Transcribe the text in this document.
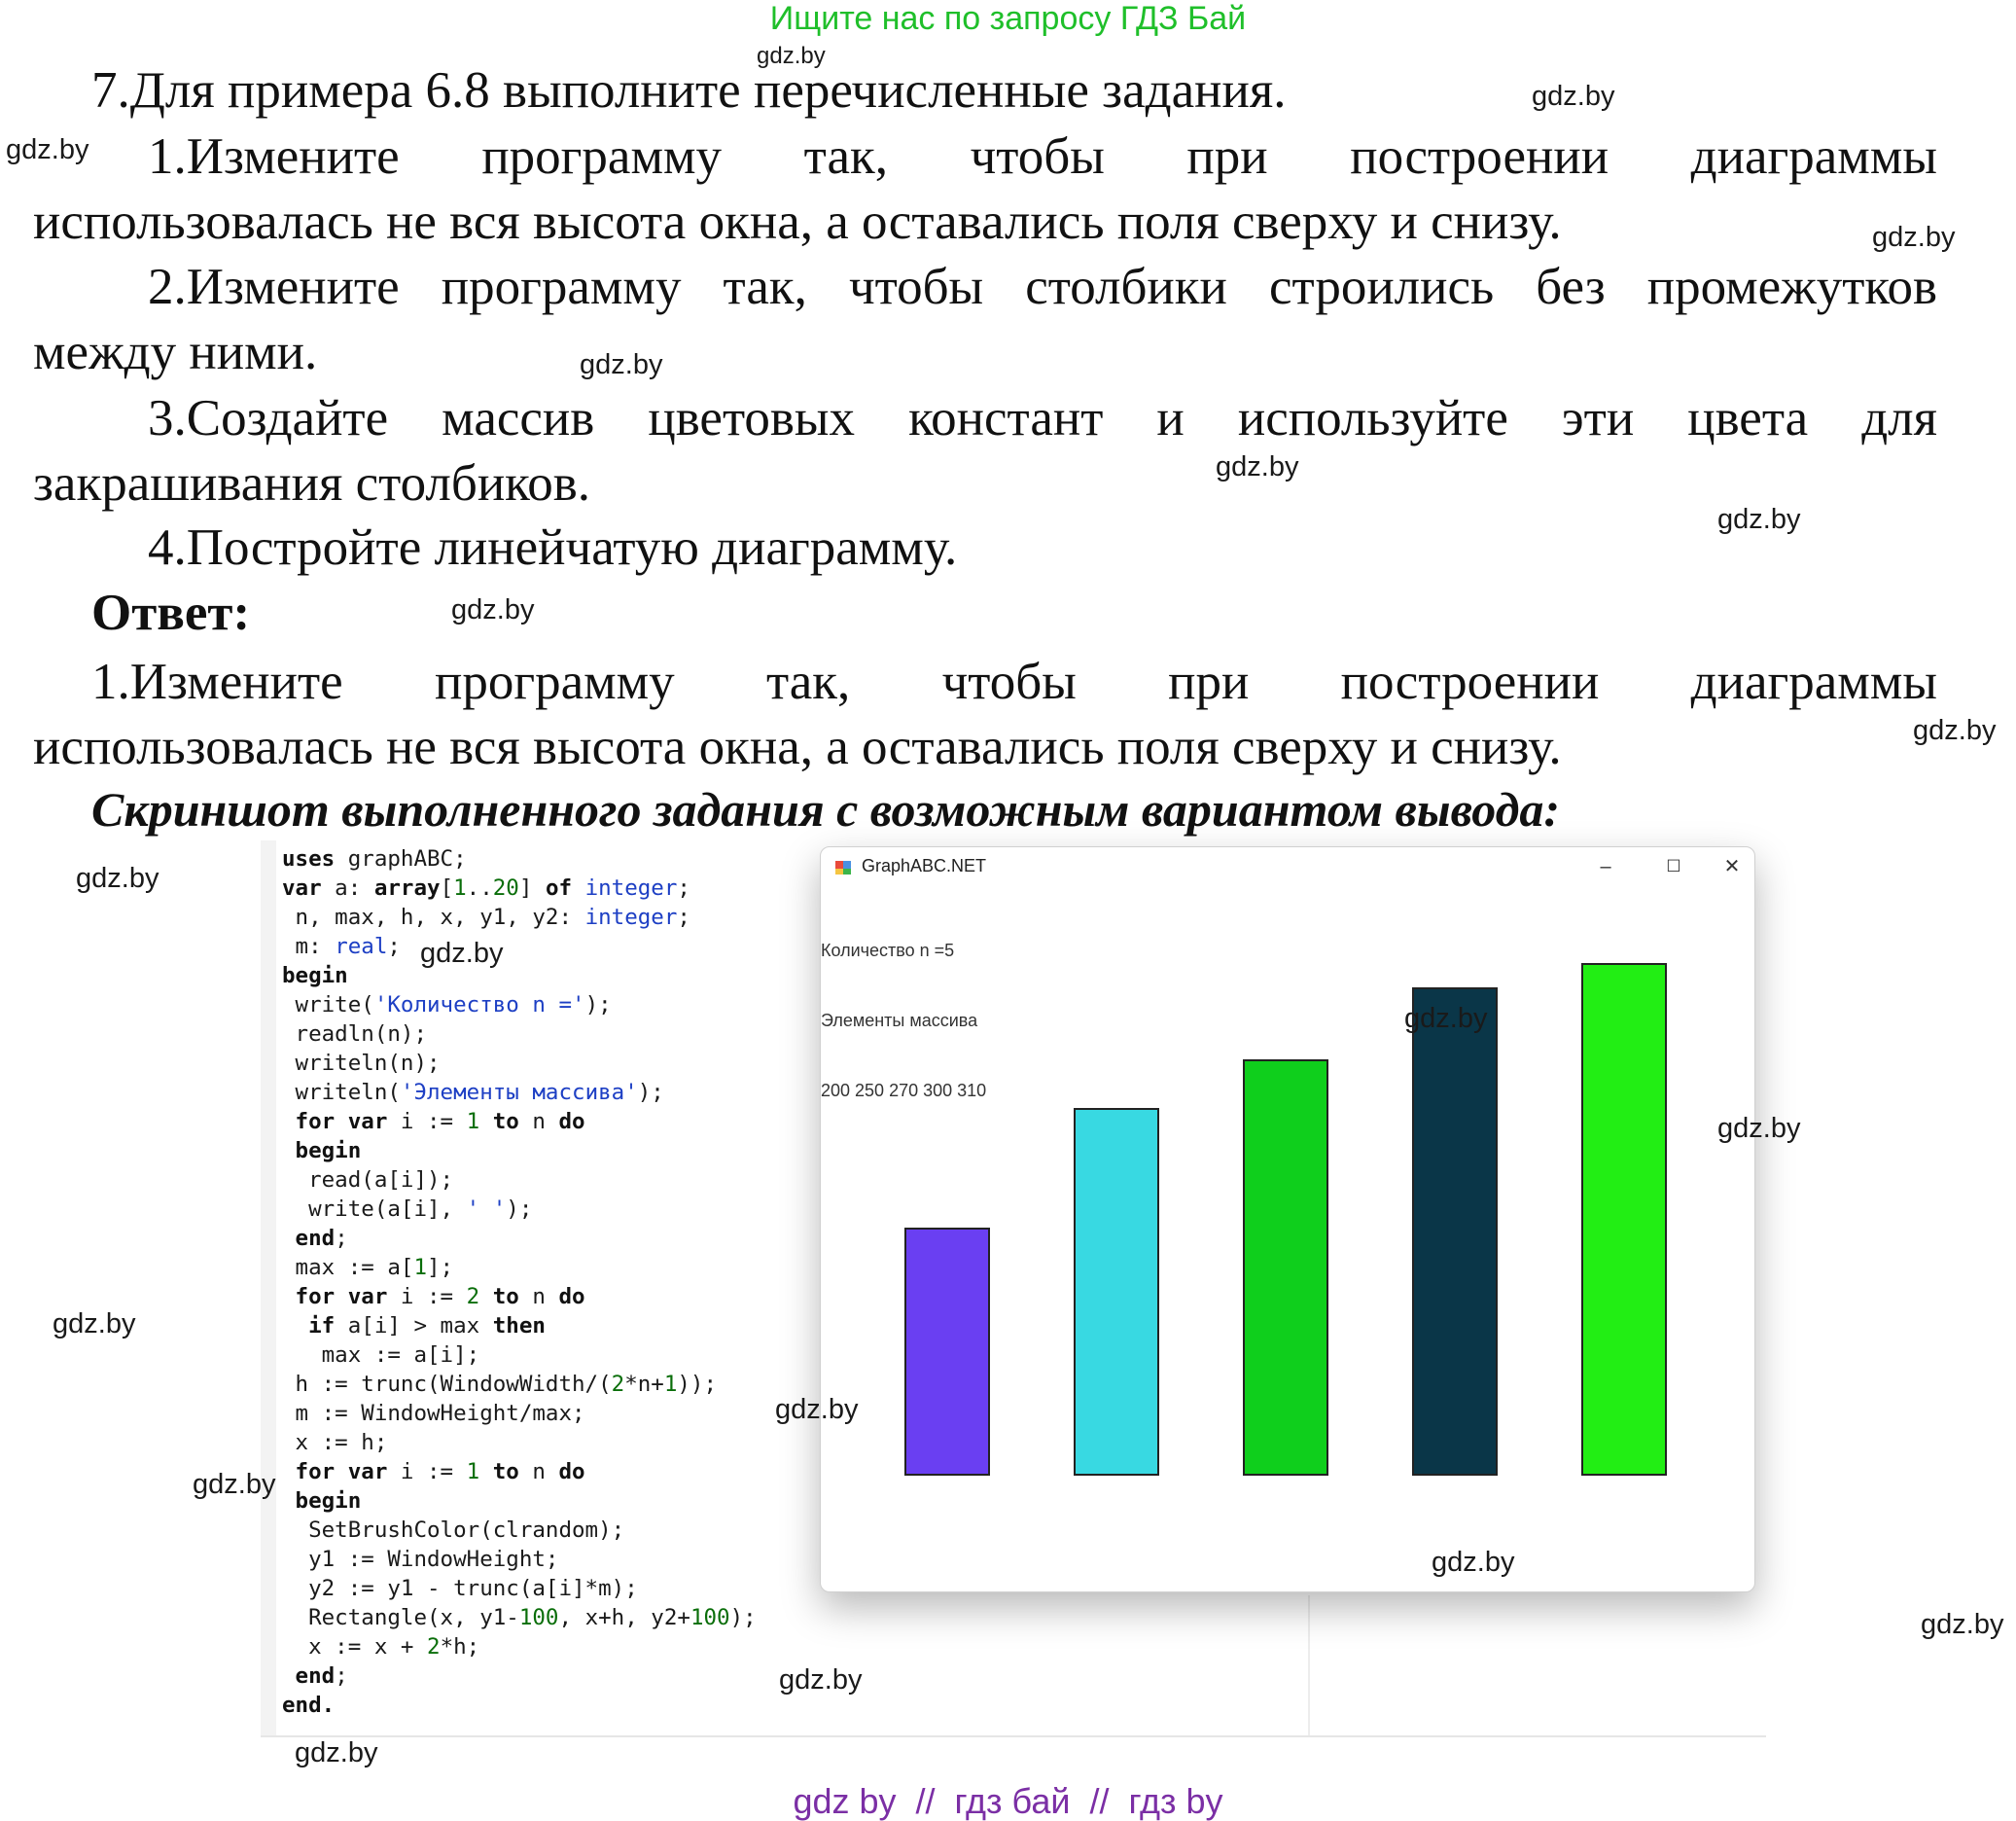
Ищите нас по запросу ГДЗ Бай
7.Для примера 6.8 выполните перечисленные задания.
1.Измените программу так, чтобы при построении диаграммы
использовалась не вся высота окна, а оставались поля сверху и снизу.
2.Измените программу так, чтобы столбики строились без промежутков
между ними.
3.Создайте массив цветовых констант и используйте эти цвета для
закрашивания столбиков.
4.Постройте линейчатую диаграмму.
Ответ:
1.Измените программу так, чтобы при построении диаграммы
использовалась не вся высота окна, а оставались поля сверху и снизу.
Скриншот выполненного задания с возможным вариантом вывода:
uses graphABC;
var a: array[1..20] of integer;
n, max, h, x, y1, y2: integer;
m: real;
begin
write('Количество n =');
readln(n);
writeln(n);
writeln('Элементы массива');
for var i := 1 to n do
begin
read(a[i]);
write(a[i], ' ');
end;
max := a[1];
for var i := 2 to n do
if a[i] > max then
max := a[i];
h := trunc(WindowWidth/(2*n+1));
m := WindowHeight/max;
x := h;
for var i := 1 to n do
begin
SetBrushColor(clrandom);
y1 := WindowHeight;
y2 := y1 - trunc(a[i]*m);
Rectangle(x, y1-100, x+h, y2+100);
x := x + 2*h;
end;
end.
GraphABC.NET	–	☐	✕

Количество n =5

Элементы массива

200 250 270 300 310

gdz.by
gdz.by
gdz.by
gdz.by
gdz.by
gdz.by
gdz.by
gdz.by
gdz.by
gdz.by
gdz.by
gdz.by
gdz.by
gdz.by
gdz.by
gdz.by
gdz.by
gdz.by
gdz.by
gdz.by
gdz by  //  гдз бай  //  гдз by
